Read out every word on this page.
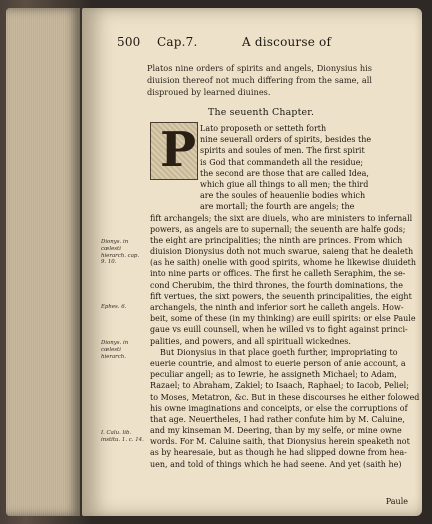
500 Cap.7.	A discourse of
Platos nine orders of spirits and angels, Dionysius his diuision thereof not much differing from the same, all disproued by learned diuines.
The seuenth Chapter.
P Lato proposeth or setteth forth
nine seuerall orders of spirits, besides the
spirits and soules of men. The first spirit
is God that commandeth all the residue;
the second are those that are called Idea,
which giue all things to all men; the third
are the soules of heauenlie bodies which
are mortall; the fourth are angels; the
fift archangels; the sixt are diuels, who are ministers to infernall
powers, as angels are to supernall; the seuenth are halfe gods;
the eight are principalities; the ninth are princes. From which
diuision Dionysius doth not much swarue, saieng that he dealeth
(as he saith) onelie with good spirits, whome he likewise diuideth
into nine parts or offices. The first he calleth Seraphim, the se-
cond Cherubim, the third thrones, the fourth dominations, the
fift vertues, the sixt powers, the seuenth principalities, the eight
archangels, the ninth and inferior sort he calleth angels. How-
beit, some of these (in my thinking) are euill spirits: or else Paule
gaue vs euill counsell, when he willed vs to fight against princi-
palities, and powers, and all spirituall wickednes.
But Dionysius in that place goeth further, impropriating to
euerie countrie, and almost to euerie person of anie account, a
peculiar angell; as to Iewrie, he assigneth Michael; to Adam,
Razael; to Abraham, Zakiel; to Isaach, Raphael; to Iacob, Peliel;
to Moses, Metatron, &c. But in these discourses he either folowed
his owne imaginations and conceipts, or else the corruptions of
that age. Neuertheles, I had rather confute him by M. Caluine,
and my kinseman M. Deering, than by my selfe, or mine owne
words. For M. Caluine saith, that Dionysius herein speaketh not
as by hearesaie, but as though he had slipped downe from hea-
uen, and told of things which he had seene. And yet (saith he)
Dionys. in cœlesti hierarch. cap. 9. 10.
Ephes. 6.
Dionys. in cœlesti hierarch.
I. Calu. lib. institu. 1. c. 14.
Paule
